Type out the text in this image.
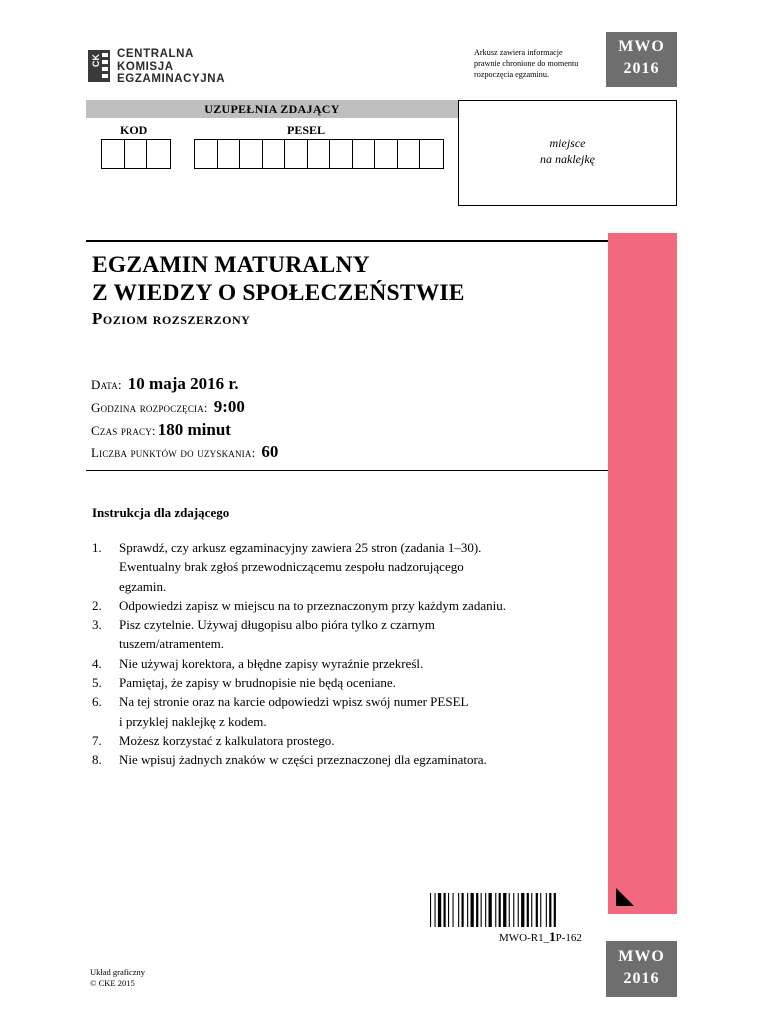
CK CENTRALNA
KOMISJA
EGZAMINACYJNA
Arkusz zawiera informacje
prawnie chronione do momentu
rozpoczęcia egzaminu.
MWO
2016
UZUPEŁNIA ZDAJĄCY
KOD	PESEL
miejsce
na naklejkę
EGZAMIN MATURALNY
Z WIEDZY O SPOŁECZEŃSTWIE
Poziom rozszerzony
Data: 10 maja 2016 r.
Godzina rozpoczęcia: 9:00
Czas pracy: 180 minut
Liczba punktów do uzyskania: 60
Instrukcja dla zdającego
1. Sprawdź, czy arkusz egzaminacyjny zawiera 25 stron (zadania 1–30).
Ewentualny brak zgłoś przewodniczącemu zespołu nadzorującego
egzamin.
2. Odpowiedzi zapisz w miejscu na to przeznaczonym przy każdym zadaniu.
3. Pisz czytelnie. Używaj długopisu albo pióra tylko z czarnym
tuszem/atramentem.
4. Nie używaj korektora, a błędne zapisy wyraźnie przekreśl.
5. Pamiętaj, że zapisy w brudnopisie nie będą oceniane.
6. Na tej stronie oraz na karcie odpowiedzi wpisz swój numer PESEL
i przyklej naklejkę z kodem.
7. Możesz korzystać z kalkulatora prostego.
8. Nie wpisuj żadnych znaków w części przeznaczonej dla egzaminatora.
MWO-R1_1P-162
MWO
2016
Układ graficzny
© CKE 2015
